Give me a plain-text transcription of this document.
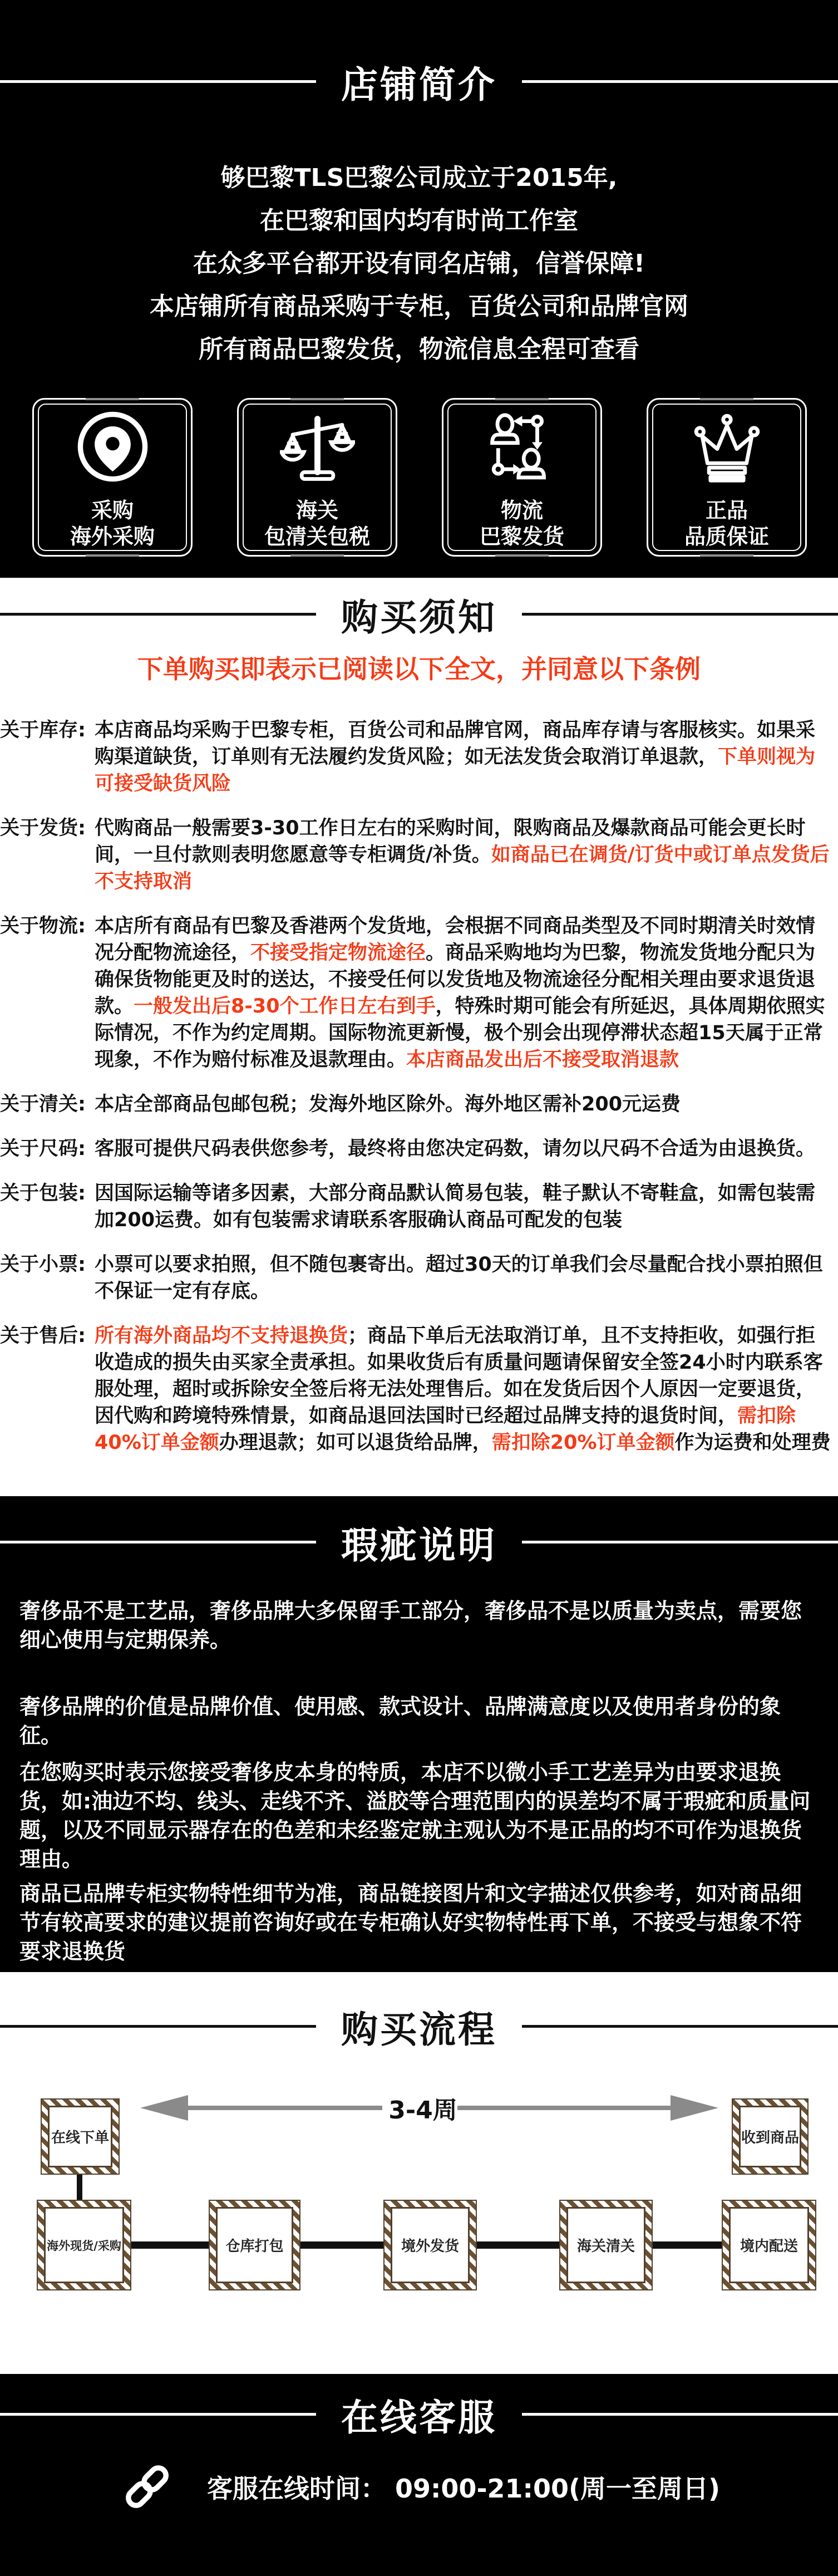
店铺简介

够巴黎TLS巴黎公司成立于2015年,

在巴黎和国内均有时尚工作室

在众多平台都开设有同名店铺，信誉保障!

本店铺所有商品采购于专柜，百货公司和品牌官网

所有商品巴黎发货，物流信息全程可查看

采购
海外采购
海关
包清关包税
物流
巴黎发货
正品
品质保证
购买须知
下单购买即表示已阅读以下全文，并同意以下条例
关于库存: 本店商品均采购于巴黎专柜，百货公司和品牌官网，商品库存请与客服核实。如果采购渠道缺货，订单则有无法履约发货风险；如无法发货会取消订单退款，下单则视为可接受缺货风险

关于发货: 代购商品一般需要3-30工作日左右的采购时间，限购商品及爆款商品可能会更长时间，一旦付款则表明您愿意等专柜调货/补货。如商品已在调货/订货中或订单点发货后不支持取消

关于物流: 本店所有商品有巴黎及香港两个发货地，会根据不同商品类型及不同时期清关时效情况分配物流途径，不接受指定物流途径。商品采购地均为巴黎，物流发货地分配只为确保货物能更及时的送达，不接受任何以发货地及物流途径分配相关理由要求退货退款。一般发出后8-30个工作日左右到手，特殊时期可能会有所延迟，具体周期依照实际情况，不作为约定周期。国际物流更新慢，极个别会出现停滞状态超15天属于正常现象，不作为赔付标准及退款理由。本店商品发出后不接受取消退款

关于清关: 本店全部商品包邮包税；发海外地区除外。海外地区需补200元运费

关于尺码: 客服可提供尺码表供您参考，最终将由您决定码数，请勿以尺码不合适为由退换货。

关于包装: 因国际运输等诸多因素，大部分商品默认简易包装，鞋子默认不寄鞋盒，如需包装需加200运费。如有包装需求请联系客服确认商品可配发的包装

关于小票: 小票可以要求拍照，但不随包裹寄出。超过30天的订单我们会尽量配合找小票拍照但不保证一定有存底。

关于售后: 所有海外商品均不支持退换货；商品下单后无法取消订单，且不支持拒收，如强行拒收造成的损失由买家全责承担。如果收货后有质量问题请保留安全签24小时内联系客服处理，超时或拆除安全签后将无法处理售后。如在发货后因个人原因一定要退货，因代购和跨境特殊情景，如商品退回法国时已经超过品牌支持的退货时间，需扣除40%订单金额办理退款；如可以退货给品牌，需扣除20%订单金额作为运费和处理费

瑕疵说明

奢侈品不是工艺品，奢侈品牌大多保留手工部分，奢侈品不是以质量为卖点，需要您细心使用与定期保养。

奢侈品牌的价值是品牌价值、使用感、款式设计、品牌满意度以及使用者身份的象征。

在您购买时表示您接受奢侈皮本身的特质，本店不以微小手工艺差异为由要求退换货，如:油边不均、线头、走线不齐、溢胶等合理范围内的误差均不属于瑕疵和质量问题，以及不同显示器存在的色差和未经鉴定就主观认为不是正品的均不可作为退换货理由。

商品已品牌专柜实物特性细节为准，商品链接图片和文字描述仅供参考，如对商品细节有较高要求的建议提前咨询好或在专柜确认好实物特性再下单，不接受与想象不符要求退换货

购买流程
在线下单	收到商品
3-4周
海外现货/采购	仓库打包	境外发货	海关清关	境内配送
在线客服
客服在线时间： 09:00-21:00(周一至周日)
